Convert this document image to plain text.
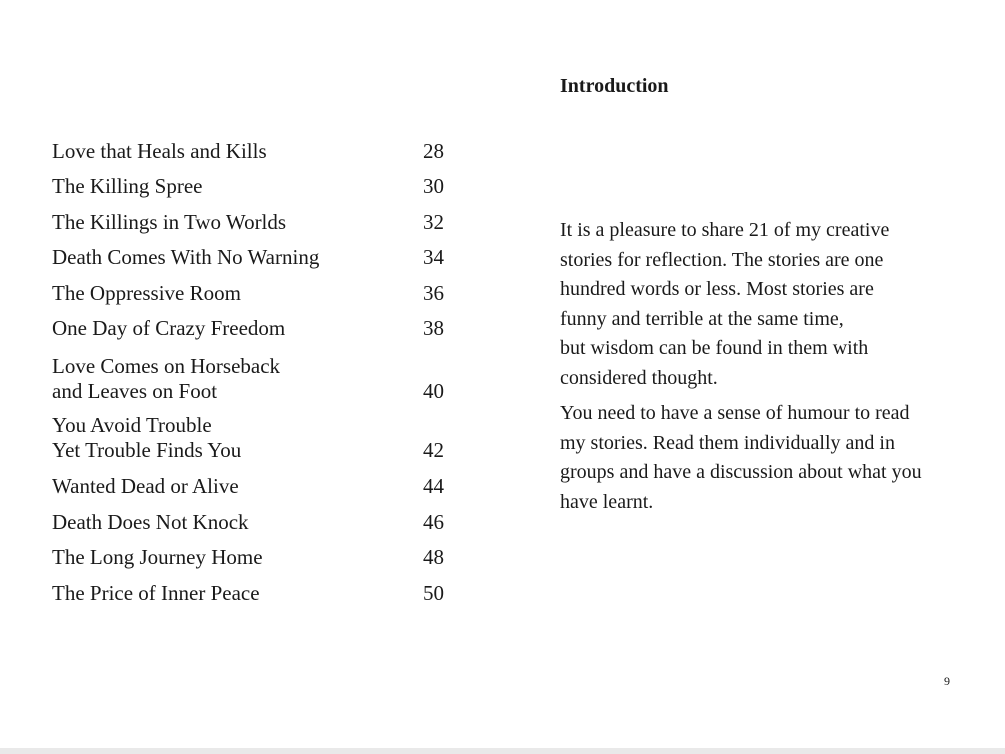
Love that Heals and Kills	28
The Killing Spree	30
The Killings in Two Worlds	32
Death Comes With No Warning	34
The Oppressive Room	36
One Day of Crazy Freedom	38
Love Comes on Horseback
and Leaves on Foot	40
You Avoid Trouble
Yet Trouble Finds You	42
Wanted Dead or Alive	44
Death Does Not Knock	46
The Long Journey Home	48
The Price of Inner Peace	50
Introduction

It is a pleasure to share 21 of my creative
stories for reflection. The stories are one
hundred words or less. Most stories are
funny and terrible at the same time,
but wisdom can be found in them with
considered thought.

You need to have a sense of humour to read
my stories. Read them individually and in
groups and have a discussion about what you
have learnt.

9
